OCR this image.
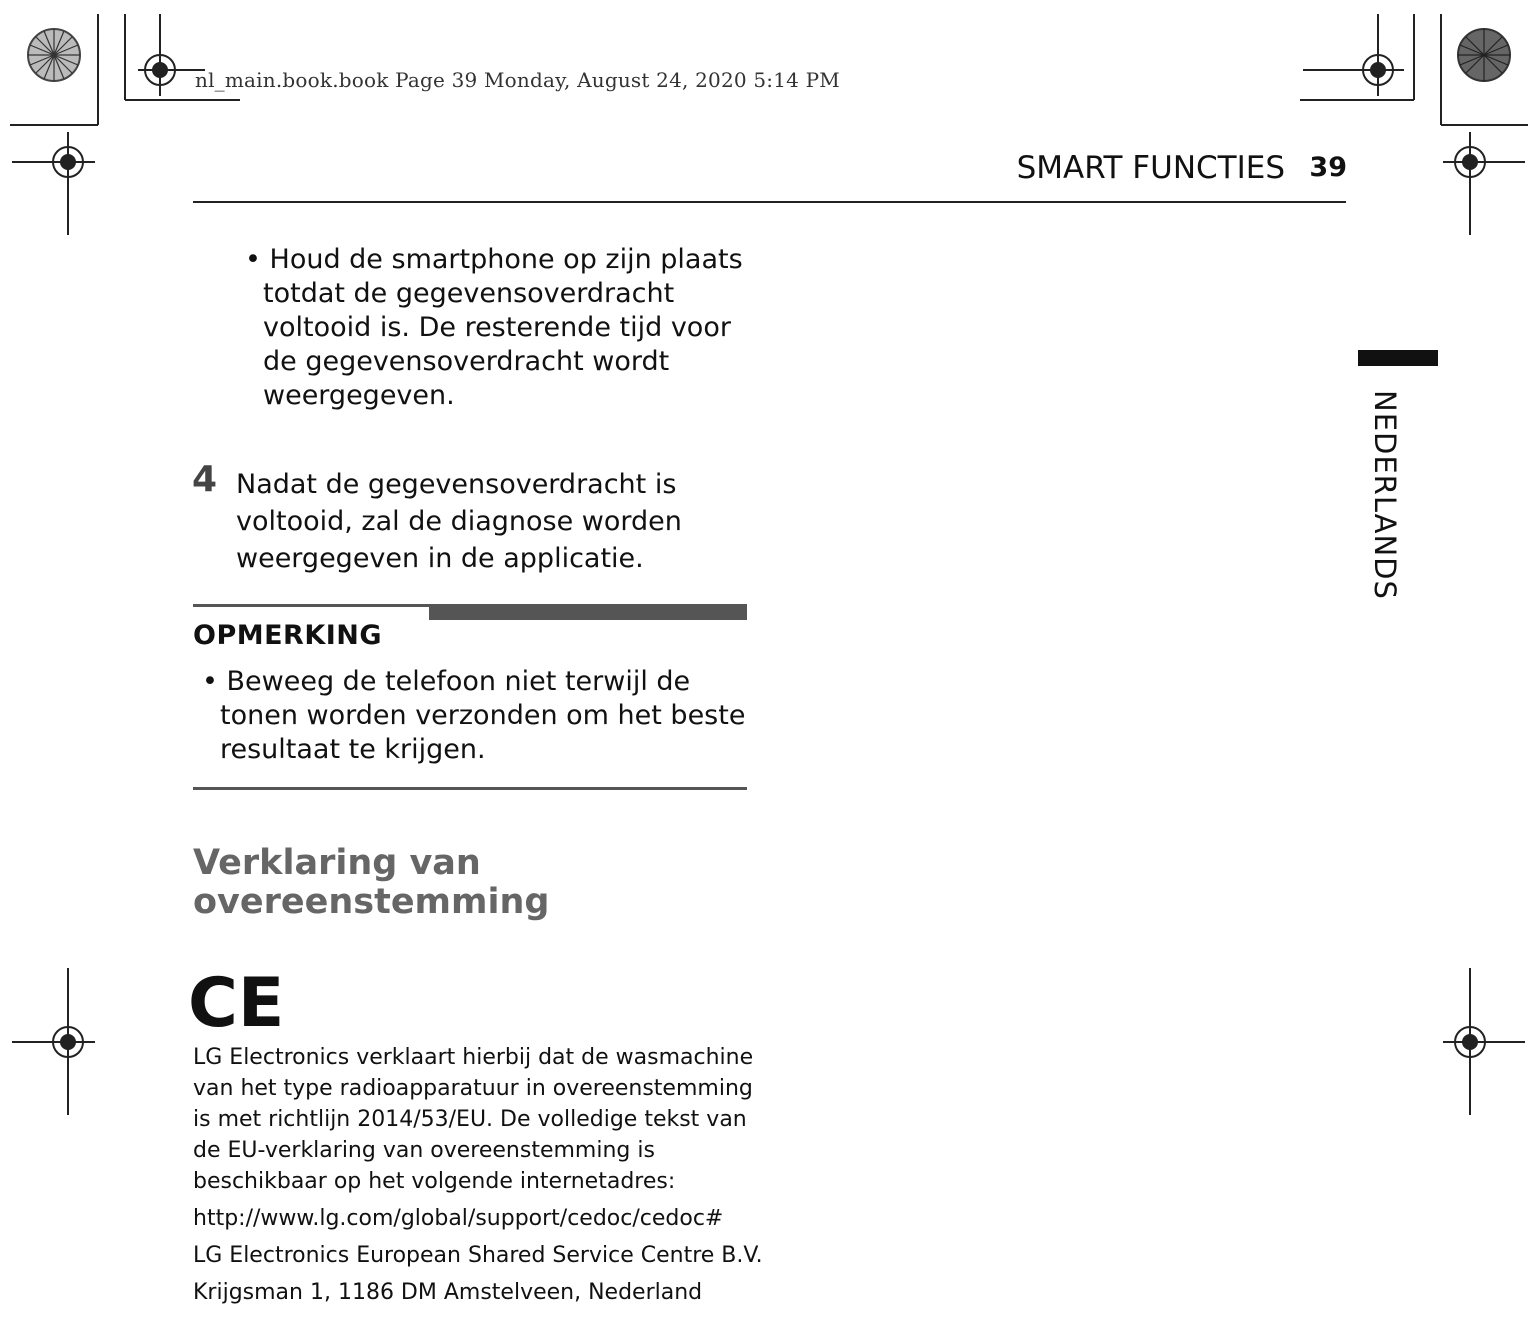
nl_main.book.book Page 39 Monday, August 24, 2020 5:14 PM
SMART FUNCTIES 39
• Houd de smartphone op zijn plaats totdat de gegevensoverdracht voltooid is. De resterende tijd voor de gegevensoverdracht wordt weergegeven.
4 Nadat de gegevensoverdracht is voltooid, zal de diagnose worden weergegeven in de applicatie.
OPMERKING
• Beweeg de telefoon niet terwijl de tonen worden verzonden om het beste resultaat te krijgen.
Verklaring van overeenstemming
CE
LG Electronics verklaart hierbij dat de wasmachine van het type radioapparatuur in overeenstemming is met richtlijn 2014/53/EU. De volledige tekst van de EU-verklaring van overeenstemming is beschikbaar op het volgende internetadres:
http://www.lg.com/global/support/cedoc/cedoc#
LG Electronics European Shared Service Centre B.V.
Krijgsman 1, 1186 DM Amstelveen, Nederland
NEDERLANDS
